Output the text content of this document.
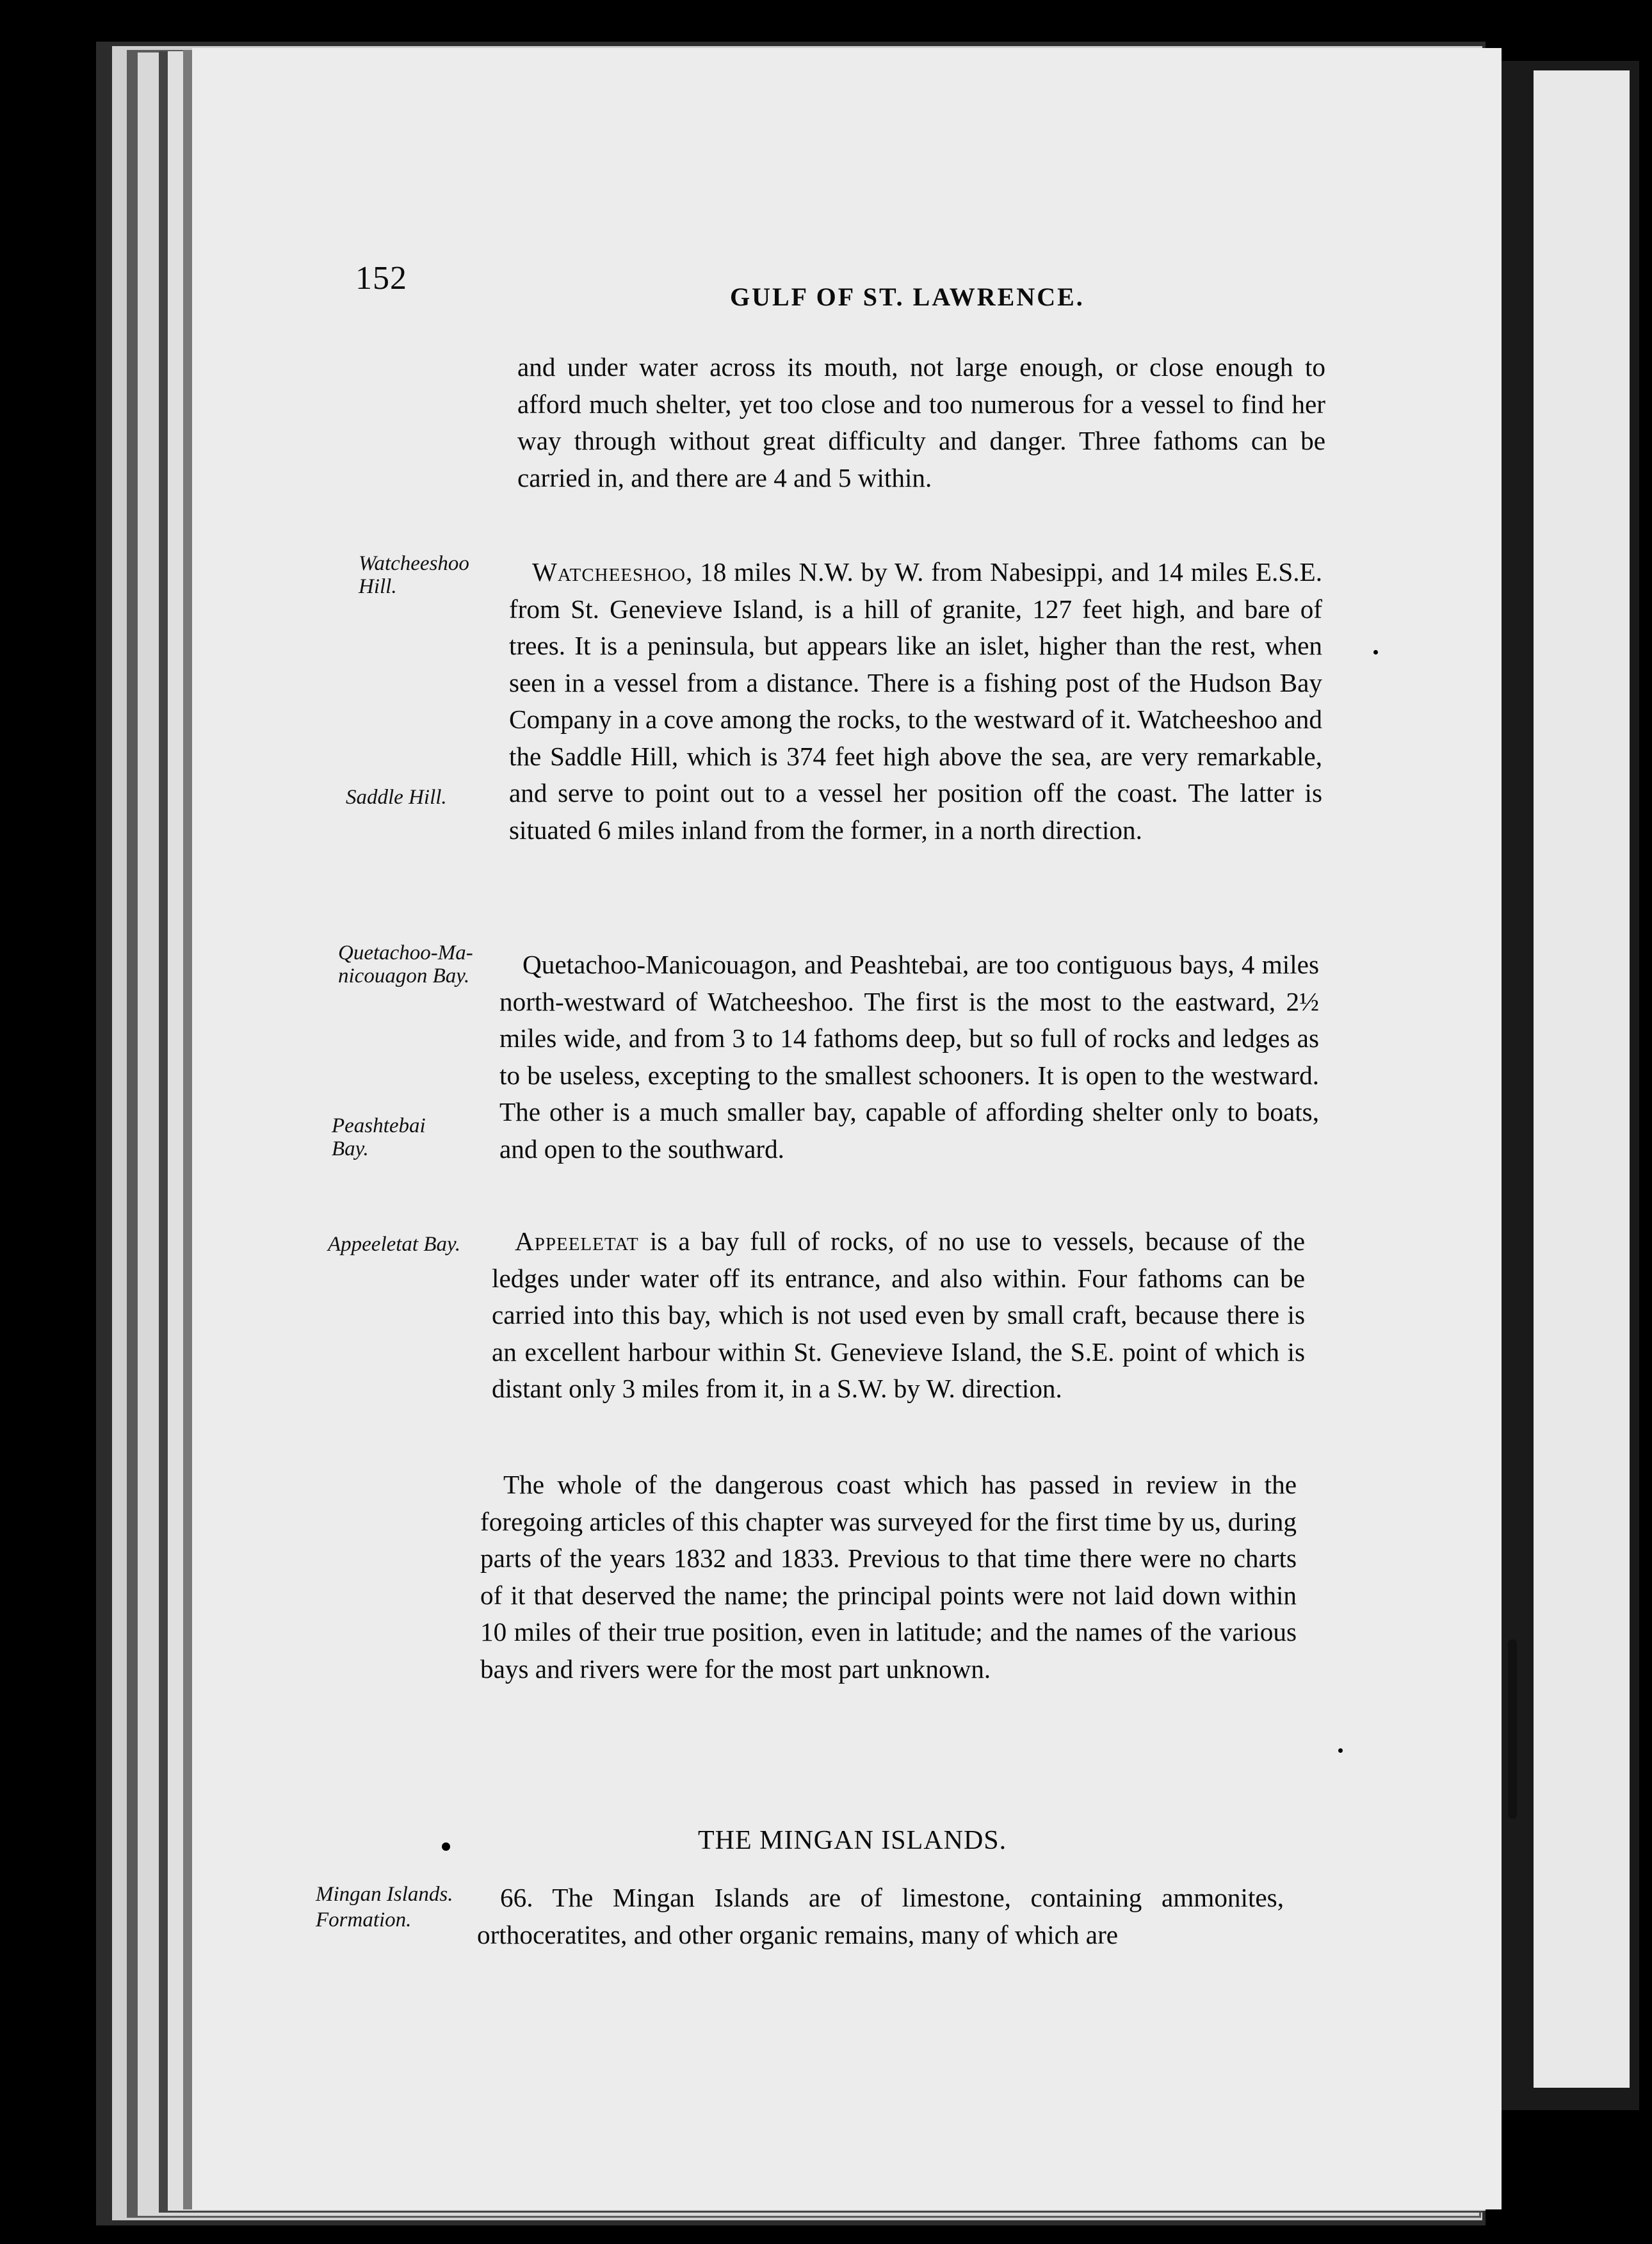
152
GULF OF ST. LAWRENCE.

and under water across its mouth, not large enough, or close enough to afford much shelter, yet too close and too numerous for a vessel to find her way through without great difficulty and danger. Three fathoms can be carried in, and there are 4 and 5 within.

Watcheeshoo
Hill.	Watcheeshoo, 18 miles N.W. by W. from Nabesippi, and 14 miles E.S.E. from St. Genevieve Island, is a hill of granite, 127 feet high, and bare of trees. It is a peninsula, but appears like an islet, higher than the rest, when seen in a vessel from a distance. There is a fishing post of the Hudson Bay Company in a cove among the rocks, to the westward of it. Watcheeshoo and the Saddle Hill, which is 374 feet high above the sea, are very remarkable, and serve to point out to a vessel her position off the coast. The latter is situated 6 miles inland from the former, in a north direction.

Saddle Hill.
Quetachoo-Ma-
nicouagon Bay.
Peashtebai
Bay.

Quetachoo-Manicouagon, and Peashtebai, are too contiguous bays, 4 miles north-westward of Watcheeshoo. The first is the most to the eastward, 2½ miles wide, and from 3 to 14 fathoms deep, but so full of rocks and ledges as to be useless, excepting to the smallest schooners. It is open to the westward. The other is a much smaller bay, capable of affording shelter only to boats, and open to the southward.

Appeeletat Bay.	Appeeletat is a bay full of rocks, of no use to vessels, because of the ledges under water off its entrance, and also within. Four fathoms can be carried into this bay, which is not used even by small craft, because there is an excellent harbour within St. Genevieve Island, the S.E. point of which is distant only 3 miles from it, in a S.W. by W. direction.

The whole of the dangerous coast which has passed in review in the foregoing articles of this chapter was surveyed for the first time by us, during parts of the years 1832 and 1833. Previous to that time there were no charts of it that deserved the name; the principal points were not laid down within 10 miles of their true position, even in latitude; and the names of the various bays and rivers were for the most part unknown.

THE MINGAN ISLANDS.
Mingan Islands.
Formation.

66. The Mingan Islands are of limestone, containing ammonites, orthoceratites, and other organic remains, many of which are
